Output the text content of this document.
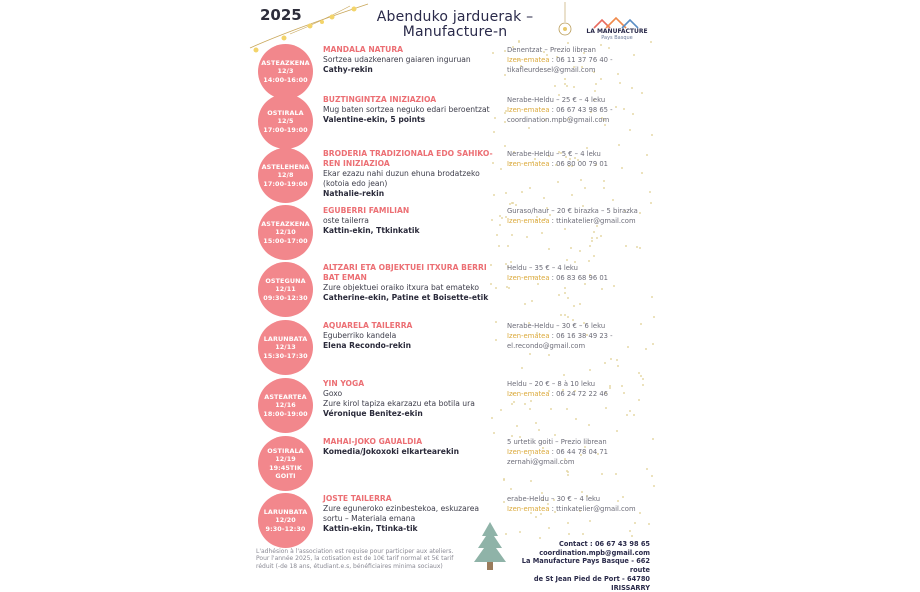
2025	Abenduko jarduerak –
Manufacture-n	LA MANUFACTURE
Pays Basque
ASTEAZKENA
12/3
14:00-16:00
MANDALA NATURA
Sortzea udazkenaren gaiaren inguruan
Cathy-rekin
Denentzat – Prezio librean
Izen-ematea : 06 11 37 76 40 -
tikafleurdesel@gmail.com
OSTIRALA
12/5
17:00-19:00
BUZTINGINTZA INIZIAZIOA
Mug baten sortzea neguko edari beroentzat
Valentine-ekin, 5 points
Nerabe-Heldu – 25 € – 4 leku
Izen-ematea : 06 67 43 98 65 -
coordination.mpb@gmail.com
ASTELEHENA
12/8
17:00-19:00
BRODERIA TRADIZIONALA EDO SAHIKO-
REN INIZIAZIOA
Ekar ezazu nahi duzun ehuna brodatzeko
(kotoia edo jean)
Nathalie-rekin
Nerabe-Heldu – 5 € – 4 leku
Izen-ematea : 06 80 00 79 01
ASTEAZKENA
12/10
15:00-17:00
EGUBERRI FAMILIAN
oste tailerra
Kattin-ekin, Ttkinkatik
Guraso/haur – 20 € birazka – 5 birazka
Izen-ematea : ttinkatelier@gmail.com
OSTEGUNA
12/11
09:30-12:30
ALTZARI ETA OBJEKTUEI ITXURA BERRI
BAT EMAN
Zure objektuei oraiko itxura bat emateko
Catherine-ekin, Patine et Boisette-etik
Heldu – 35 € – 4 leku
Izen-ematea : 06 83 68 96 01
LARUNBATA
12/13
15:30-17:30
AQUARELA TAILERRA
Eguberriko kandela
Elena Recondo-rekin
Nerabe-Heldu – 30 € – 6 leku
Izen-ematea : 06 16 38 49 23 -
el.recondo@gmail.com
ASTEARTEA
12/16
18:00-19:00
YIN YOGA
Goxo
Zure kirol tapiza ekarzazu eta botila ura
Véronique Benitez-ekin
Heldu – 20 € – 8 à 10 leku
Izen-ematea : 06 24 72 22 46
OSTIRALA
12/19
19:45TIK
GOITI
MAHAI-JOKO GAUALDIA
Komedia/Jokoxoki elkartearekin
5 urtetik goiti – Prezio librean
Izen-ematea : 06 44 78 04 71
zernahi@gmail.com
LARUNBATA
12/20
9:30-12:30
JOSTE TAILERRA
Zure eguneroko ezinbestekoa, eskuzarea
sortu – Materiala emana
Kattin-ekin, Ttinka-tik
erabe-Heldu – 30 € – 4 leku
Izen-ematea : ttinkatelier@gmail.com
L'adhésion à l'association est requise pour participer aux ateliers.
Pour l'année 2025, la cotisation est de 10€ tarif normal et 5€ tarif
réduit (-de 18 ans, étudiant.e.s, bénéficiaires minima sociaux)
Contact : 06 67 43 98 65
coordination.mpb@gmail.com
La Manufacture Pays Basque - 662 route
de St Jean Pied de Port - 64780 IRISSARRY
